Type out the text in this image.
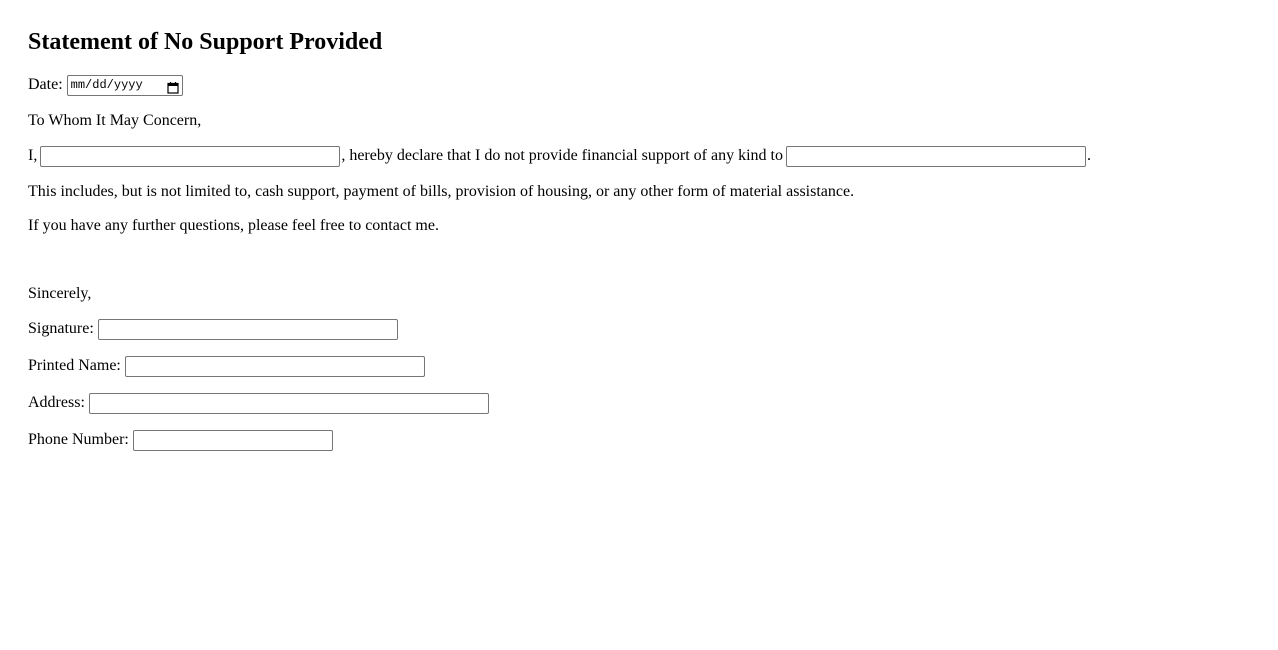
Statement of No Support Provided
Date: mm/dd/yyyy
To Whom It May Concern,
I,	, hereby declare that I do not provide financial support of any kind to	.
This includes, but is not limited to, cash support, payment of bills, provision of housing, or any other form of material assistance.
If you have any further questions, please feel free to contact me.
Sincerely,
Signature:
Printed Name:
Address:
Phone Number:
